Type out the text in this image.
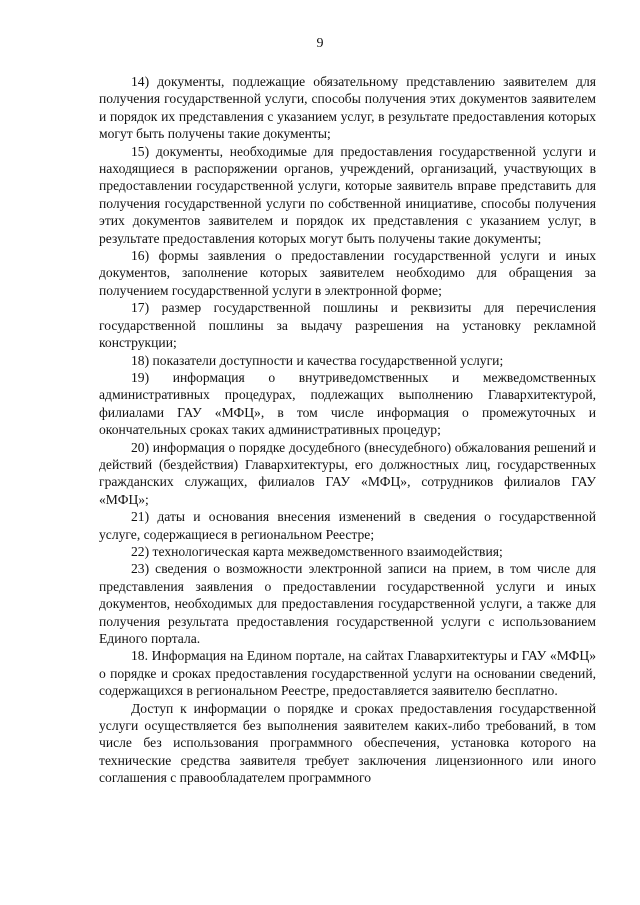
9

14) документы, подлежащие обязательному представлению заявителем для получения государственной услуги, способы получения этих документов заявителем и порядок их представления с указанием услуг, в результате предоставления которых могут быть получены такие документы;

15) документы, необходимые для предоставления государственной услуги и находящиеся в распоряжении органов, учреждений, организаций, участвующих в предоставлении государственной услуги, которые заявитель вправе представить для получения государственной услуги по собственной инициативе, способы получения этих документов заявителем и порядок их представления с указанием услуг, в результате предоставления которых могут быть получены такие документы;

16) формы заявления о предоставлении государственной услуги и иных документов, заполнение которых заявителем необходимо для обращения за получением государственной услуги в электронной форме;

17) размер государственной пошлины и реквизиты для перечисления государственной пошлины за выдачу разрешения на установку рекламной конструкции;

18) показатели доступности и качества государственной услуги;

19) информация о внутриведомственных и межведомственных административных процедурах, подлежащих выполнению Главархитектурой, филиалами ГАУ «МФЦ», в том числе информация о промежуточных и окончательных сроках таких административных процедур;

20) информация о порядке досудебного (внесудебного) обжалования решений и действий (бездействия) Главархитектуры, его должностных лиц, государственных гражданских служащих, филиалов ГАУ «МФЦ», сотрудников филиалов ГАУ «МФЦ»;

21) даты и основания внесения изменений в сведения о государственной услуге, содержащиеся в региональном Реестре;

22) технологическая карта межведомственного взаимодействия;

23) сведения о возможности электронной записи на прием, в том числе для представления заявления о предоставлении государственной услуги и иных документов, необходимых для предоставления государственной услуги, а также для получения результата предоставления государственной услуги с использованием Единого портала.

18. Информация на Едином портале, на сайтах Главархитектуры и ГАУ «МФЦ» о порядке и сроках предоставления государственной услуги на основании сведений, содержащихся в региональном Реестре, предоставляется заявителю бесплатно.

Доступ к информации о порядке и сроках предоставления государственной услуги осуществляется без выполнения заявителем каких-либо требований, в том числе без использования программного обеспечения, установка которого на технические средства заявителя требует заключения лицензионного или иного соглашения с правообладателем программного
